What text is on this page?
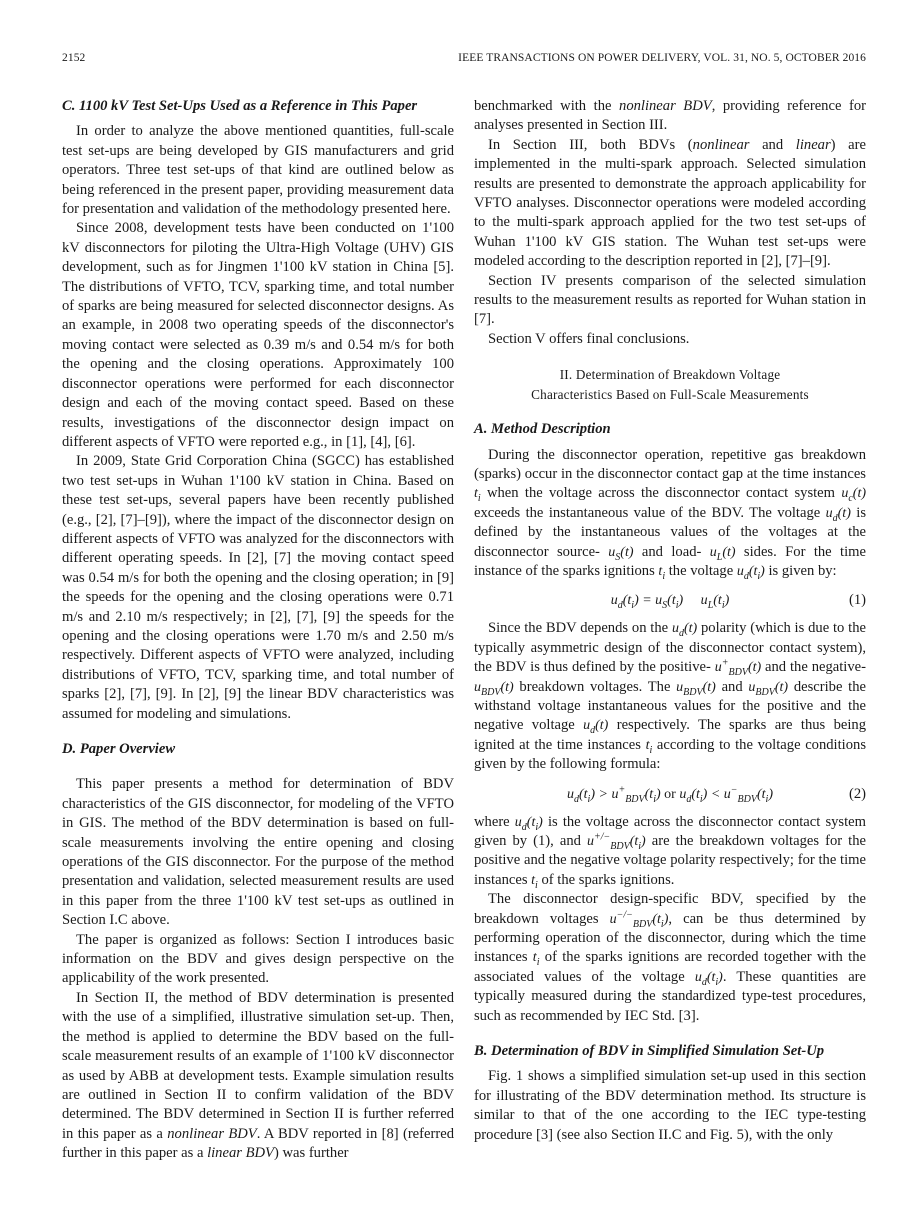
2152	IEEE TRANSACTIONS ON POWER DELIVERY, VOL. 31, NO. 5, OCTOBER 2016
C. 1100 kV Test Set-Ups Used as a Reference in This Paper

In order to analyze the above mentioned quantities, full-scale test set-ups are being developed by GIS manufacturers and grid operators. Three test set-ups of that kind are outlined below as being referenced in the present paper, providing measurement data for presentation and validation of the methodology presented here.

Since 2008, development tests have been conducted on 1'100 kV disconnectors for piloting the Ultra-High Voltage (UHV) GIS development, such as for Jingmen 1'100 kV station in China [5]. The distributions of VFTO, TCV, sparking time, and total number of sparks are being measured for selected disconnector designs. As an example, in 2008 two operating speeds of the disconnector's moving contact were selected as 0.39 m/s and 0.54 m/s for both the opening and the closing operations. Approximately 100 disconnector operations were performed for each disconnector design and each of the moving contact speed. Based on these results, investigations of the disconnector design impact on different aspects of VFTO were reported e.g., in [1], [4], [6].

In 2009, State Grid Corporation China (SGCC) has established two test set-ups in Wuhan 1'100 kV station in China. Based on these test set-ups, several papers have been recently published (e.g., [2], [7]–[9]), where the impact of the disconnector design on different aspects of VFTO was analyzed for the disconnectors with different operating speeds. In [2], [7] the moving contact speed was 0.54 m/s for both the opening and the closing operation; in [9] the speeds for the opening and the closing operations were 0.71 m/s and 2.10 m/s respectively; in [2], [7], [9] the speeds for the opening and the closing operations were 1.70 m/s and 2.50 m/s respectively. Different aspects of VFTO were analyzed, including distributions of VFTO, TCV, sparking time, and total number of sparks [2], [7], [9]. In [2], [9] the linear BDV characteristics was assumed for modeling and simulations.

D. Paper Overview

This paper presents a method for determination of BDV characteristics of the GIS disconnector, for modeling of the VFTO in GIS. The method of the BDV determination is based on full-scale measurements involving the entire opening and closing operations of the GIS disconnector. For the purpose of the method presentation and validation, selected measurement results are used in this paper from the three 1'100 kV test set-ups as outlined in Section I.C above.

The paper is organized as follows: Section I introduces basic information on the BDV and gives design perspective on the applicability of the work presented.

In Section II, the method of BDV determination is presented with the use of a simplified, illustrative simulation set-up. Then, the method is applied to determine the BDV based on the full-scale measurement results of an example of 1'100 kV disconnector as used by ABB at development tests. Example simulation results are outlined in Section II to confirm validation of the BDV determined. The BDV determined in Section II is further referred in this paper as a nonlinear BDV. A BDV reported in [8] (referred further in this paper as a linear BDV) was further

benchmarked with the nonlinear BDV, providing reference for analyses presented in Section III.

In Section III, both BDVs (nonlinear and linear) are implemented in the multi-spark approach. Selected simulation results are presented to demonstrate the approach applicability for VFTO analyses. Disconnector operations were modeled according to the multi-spark approach applied for the two test set-ups of Wuhan 1'100 kV GIS station. The Wuhan test set-ups were modeled according to the description reported in [2], [7]–[9].

Section IV presents comparison of the selected simulation results to the measurement results as reported for Wuhan station in [7].

Section V offers final conclusions.

II. Determination of Breakdown Voltage
Characteristics Based on Full-Scale Measurements
A. Method Description

During the disconnector operation, repetitive gas breakdown (sparks) occur in the disconnector contact gap at the time instances $t_i$ when the voltage across the disconnector contact system $u_c(t)$ exceeds the instantaneous value of the BDV. The voltage $u_d(t)$ is defined by the instantaneous values of the voltages at the disconnector source- $u_S(t)$ and load- $u_L(t)$ sides. For the time instance of the sparks ignitions $t_i$ the voltage $u_d(t_i)$ is given by:

$u_d(t_i) = u_S(t_i)$     $u_L(t_i)$	(1)

Since the BDV depends on the $u_d(t)$ polarity (which is due to the typically asymmetric design of the disconnector contact system), the BDV is thus defined by the positive- $u^+_{BDV}(t)$ and the negative- $u_{BDV}(t)$ breakdown voltages. The $u_{BDV}(t)$ and $u_{BDV}(t)$ describe the withstand voltage instantaneous values for the positive and the negative voltage $u_d(t)$ respectively. The sparks are thus being ignited at the time instances $t_i$ according to the voltage conditions given by the following formula:

$u_d(t_i) > u^+_{BDV}(t_i)$ or $u_d(t_i) < u^-_{BDV}(t_i)$	(2)

where $u_d(t_i)$ is the voltage across the disconnector contact system given by (1), and $u^{+/-}_{BDV}(t_i)$ are the breakdown voltages for the positive and the negative voltage polarity respectively; for the time instances $t_i$ of the sparks ignitions.

The disconnector design-specific BDV, specified by the breakdown voltages $u^{-/-}_{BDV}(t_i)$, can be thus determined by performing operation of the disconnector, during which the time instances $t_i$ of the sparks ignitions are recorded together with the associated values of the voltage $u_d(t_i)$. These quantities are typically measured during the standardized type-test procedures, such as recommended by IEC Std. [3].

B. Determination of BDV in Simplified Simulation Set-Up

Fig. 1 shows a simplified simulation set-up used in this section for illustrating of the BDV determination method. Its structure is similar to that of the one according to the IEC type-testing procedure [3] (see also Section II.C and Fig. 5), with the only
